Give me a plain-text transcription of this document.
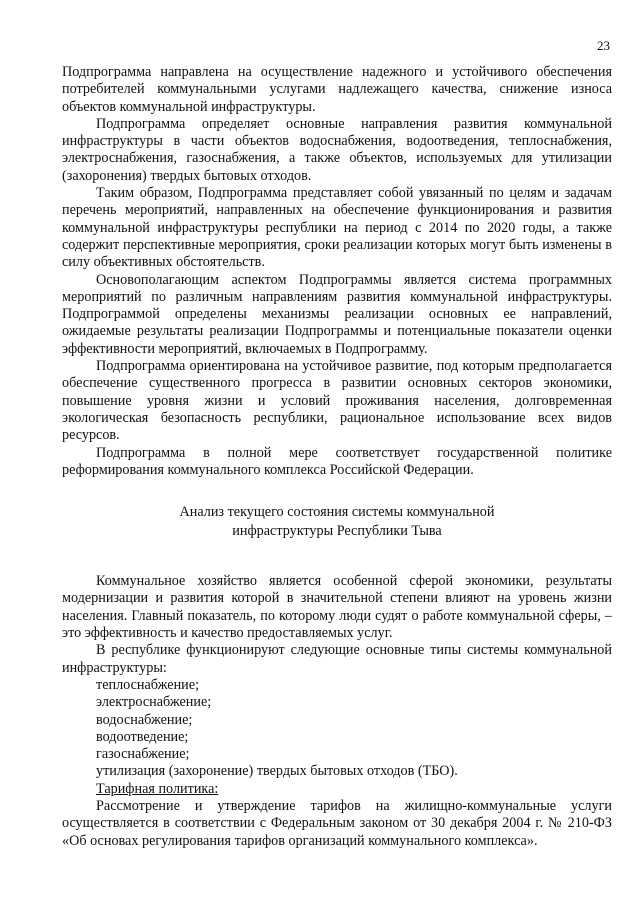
23

Подпрограмма направлена на осуществление надежного и устойчивого обеспечения потребителей коммунальными услугами надлежащего качества, снижение износа объектов коммунальной инфраструктуры.

Подпрограмма определяет основные направления развития коммунальной инфраструктуры в части объектов водоснабжения, водоотведения, теплоснабжения, электроснабжения, газоснабжения, а также объектов, используемых для утилизации (захоронения) твердых бытовых отходов.

Таким образом, Подпрограмма представляет собой увязанный по целям и задачам перечень мероприятий, направленных на обеспечение функционирования и развития коммунальной инфраструктуры республики на период с 2014 по 2020 годы, а также содержит перспективные мероприятия, сроки реализации которых могут быть изменены в силу объективных обстоятельств.

Основополагающим аспектом Подпрограммы является система программных мероприятий по различным направлениям развития коммунальной инфраструктуры. Подпрограммой определены механизмы реализации основных ее направлений, ожидаемые результаты реализации Подпрограммы и потенциальные показатели оценки эффективности мероприятий, включаемых в Подпрограмму.

Подпрограмма ориентирована на устойчивое развитие, под которым предполагается обеспечение существенного прогресса в развитии основных секторов экономики, повышение уровня жизни и условий проживания населения, долговременная экологическая безопасность республики, рациональное использование всех видов ресурсов.

Подпрограмма в полной мере соответствует государственной политике реформирования коммунального комплекса Российской Федерации.

Анализ текущего состояния системы коммунальной
инфраструктуры Республики Тыва

Коммунальное хозяйство является особенной сферой экономики, результаты модернизации и развития которой в значительной степени влияют на уровень жизни населения. Главный показатель, по которому люди судят о работе коммунальной сферы, – это эффективность и качество предоставляемых услуг.

В республике функционируют следующие основные типы системы коммунальной инфраструктуры:

теплоснабжение;
электроснабжение;
водоснабжение;
водоотведение;
газоснабжение;
утилизация (захоронение) твердых бытовых отходов (ТБО).
Тарифная политика:

Рассмотрение и утверждение тарифов на жилищно-коммунальные услуги осуществляется в соответствии с Федеральным законом от 30 декабря 2004 г. № 210-ФЗ «Об основах регулирования тарифов организаций коммунального комплекса».
